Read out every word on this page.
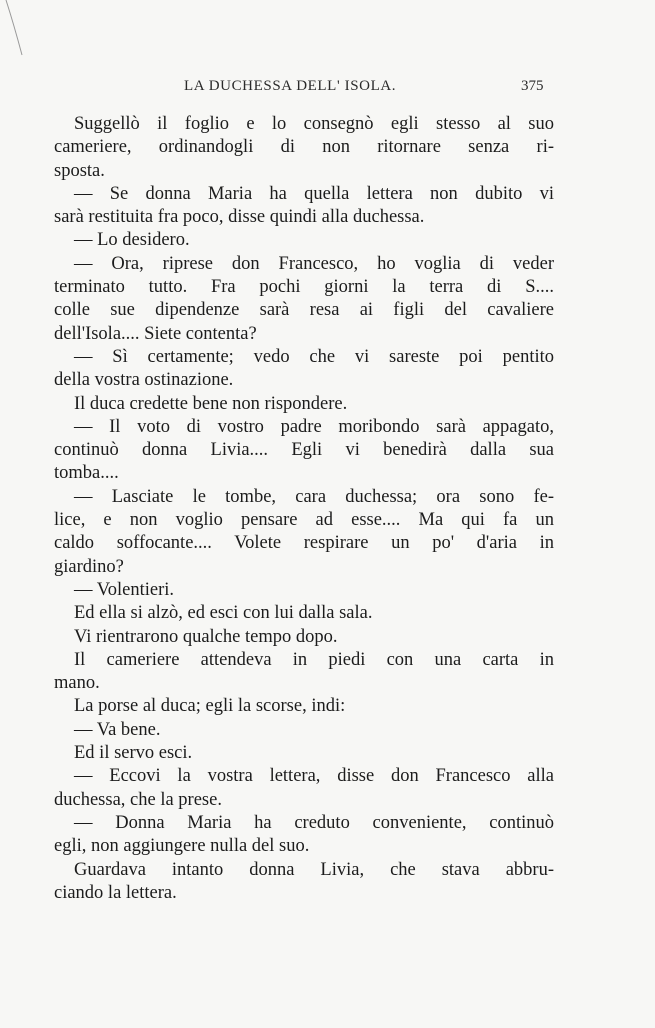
LA DUCHESSA DELL' ISOLA.	375
Suggellò il foglio e lo consegnò egli stesso al suo
cameriere, ordinandogli di non ritornare senza ri-
sposta.
— Se donna Maria ha quella lettera non dubito vi
sarà restituita fra poco, disse quindi alla duchessa.
— Lo desidero.
— Ora, riprese don Francesco, ho voglia di veder
terminato tutto. Fra pochi giorni la terra di S....
colle sue dipendenze sarà resa ai figli del cavaliere
dell'Isola.... Siete contenta?
— Sì certamente; vedo che vi sareste poi pentito
della vostra ostinazione.
Il duca credette bene non rispondere.
— Il voto di vostro padre moribondo sarà appagato,
continuò donna Livia.... Egli vi benedirà dalla sua
tomba....
— Lasciate le tombe, cara duchessa; ora sono fe-
lice, e non voglio pensare ad esse.... Ma qui fa un
caldo soffocante.... Volete respirare un po' d'aria in
giardino?
— Volentieri.
Ed ella si alzò, ed esci con lui dalla sala.
Vi rientrarono qualche tempo dopo.
Il cameriere attendeva in piedi con una carta in
mano.
La porse al duca; egli la scorse, indi:
— Va bene.
Ed il servo esci.
— Eccovi la vostra lettera, disse don Francesco alla
duchessa, che la prese.
— Donna Maria ha creduto conveniente, continuò
egli, non aggiungere nulla del suo.
Guardava intanto donna Livia, che stava abbru-
ciando la lettera.
